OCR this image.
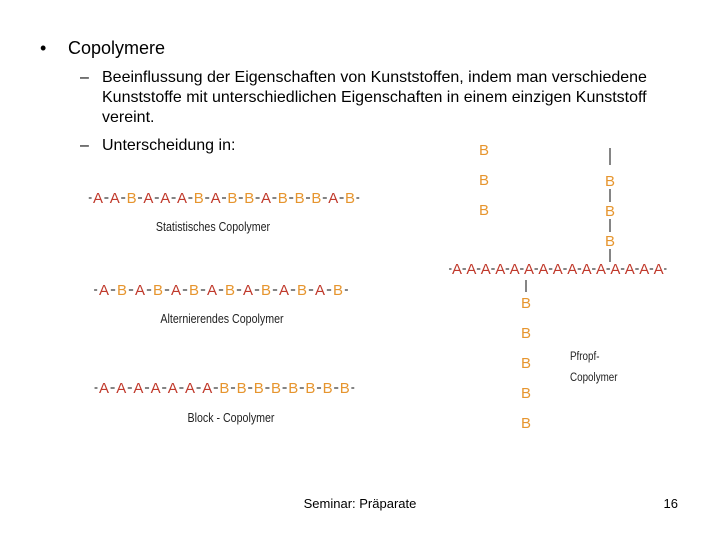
• Copolymere
– Beeinflussung der Eigenschaften von Kunststoffen, indem man verschiedene Kunststoffe mit unterschiedlichen Eigenschaften in einem einzigen Kunststoff vereint.
– Unterscheidung in:
A A B A A A B A B B A B B B A B
Statistisches Copolymer
A B A B A B A B A B A B A B
Alternierendes Copolymer
A A A A A A A B B B B B B B B
Block - Copolymer
A A A A A A A A A A A A A A A
B
B
B
B
B
B
B
B
B
B
B
Pfropf-
Copolymer
Seminar: Präparate	16
